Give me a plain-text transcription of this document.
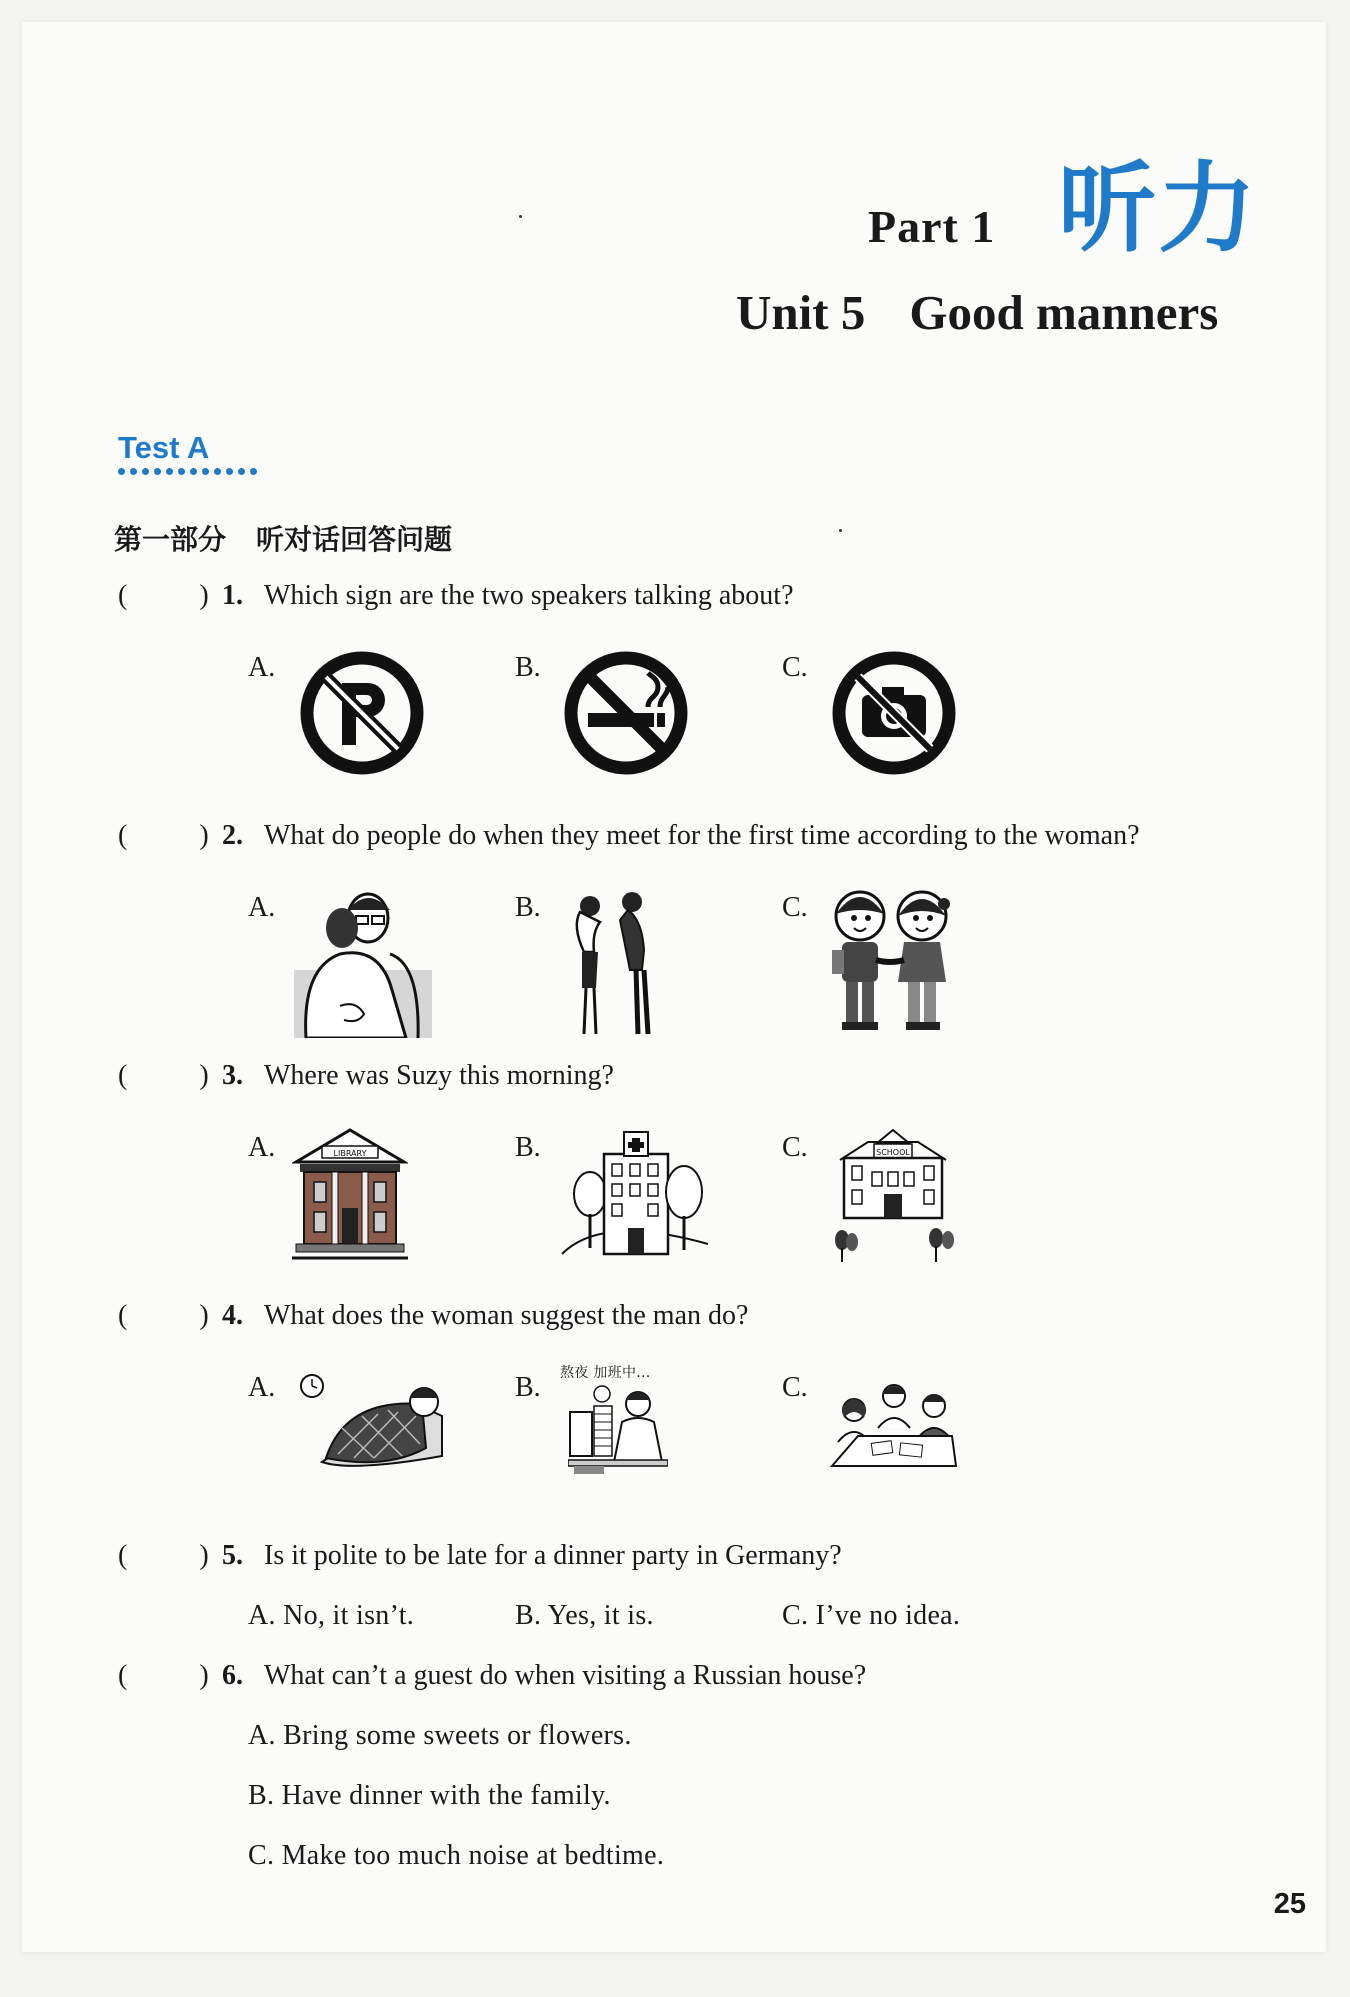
Part 1 听力
Unit 5 Good manners
Test A
第一部分 听对话回答问题
(	) 1. Which sign are the two speakers talking about?
A.	B.	C.
(	) 2. What do people do when they meet for the first time according to the woman?
A.	B.	C.
(	) 3. Where was Suzy this morning?
A.	LIBRARY	B.	C.	SCHOOL
(	) 4. What does the woman suggest the man do?
A.	B. 熬夜 加班中...	C.
(	) 5. Is it polite to be late for a dinner party in Germany?
A. No, it isn’t.	B. Yes, it is.	C. I’ve no idea.
(	) 6. What can’t a guest do when visiting a Russian house?
A. Bring some sweets or flowers.
B. Have dinner with the family.
C. Make too much noise at bedtime.
25
